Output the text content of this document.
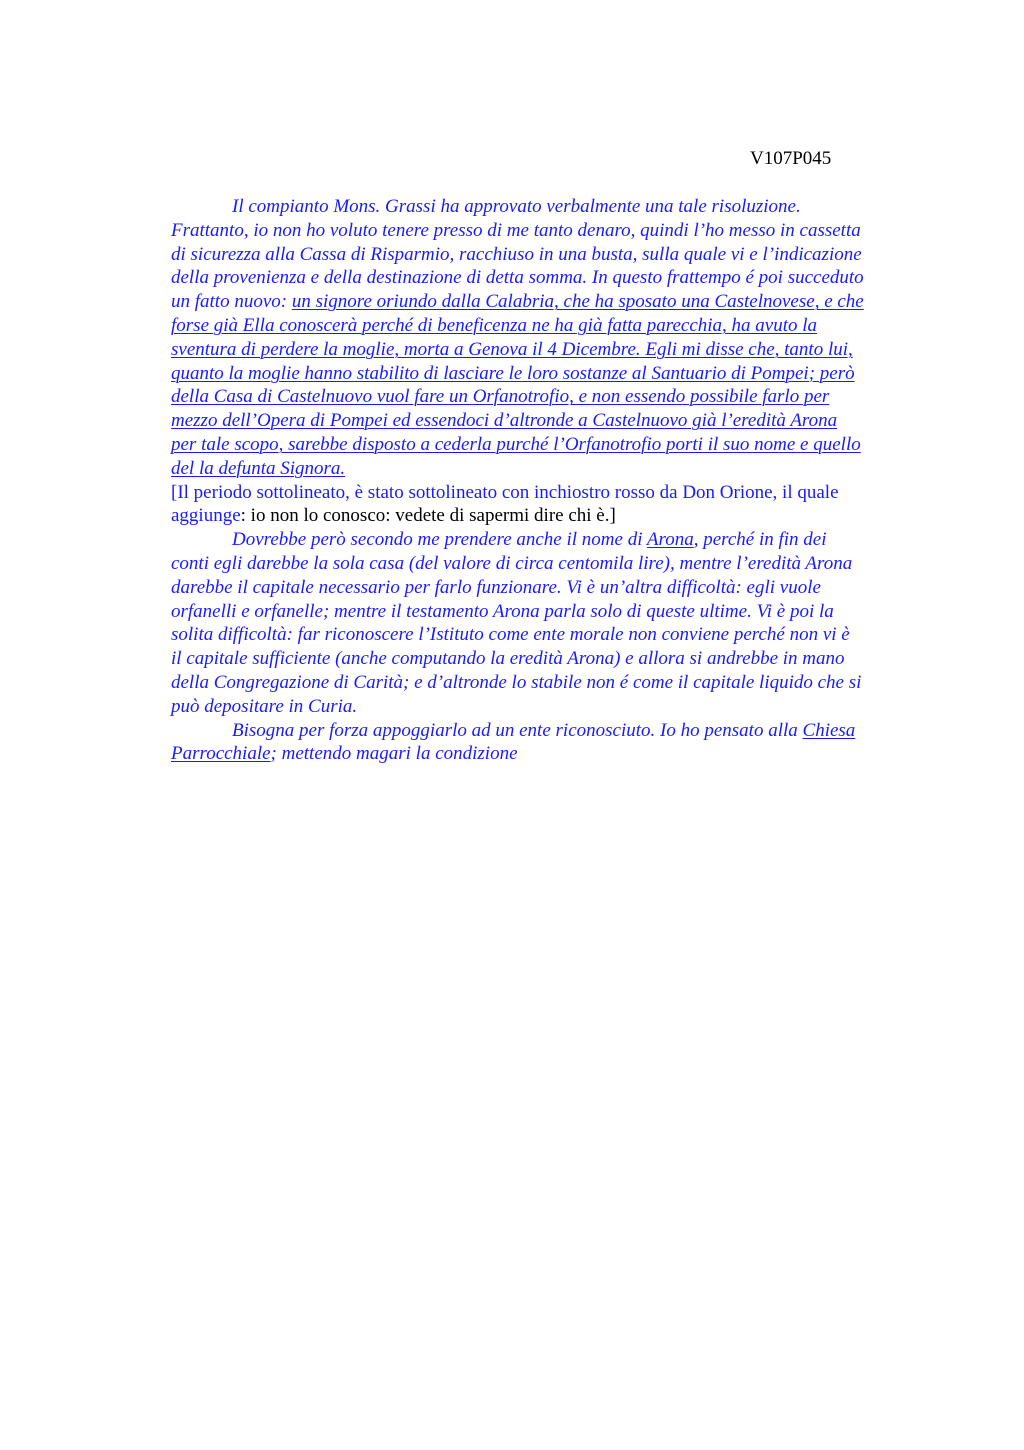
V107P045
Il compianto Mons. Grassi ha approvato verbalmente una tale risoluzione.
Frattanto, io non ho voluto tenere presso di me tanto denaro, quindi l’ho messo in cassetta
di sicurezza alla Cassa di Risparmio, racchiuso in una busta, sulla quale vi e l’indicazione
della provenienza e della destinazione di detta somma. In questo frattempo é poi succeduto
un fatto nuovo: un signore oriundo dalla Calabria, che ha sposato una Castelnovese, e che
forse già Ella conoscerà perché di beneficenza ne ha già fatta parecchia, ha avuto la
sventura di perdere la moglie, morta a Genova il 4 Dicembre. Egli mi disse che, tanto lui,
quanto la moglie hanno stabilito di lasciare le loro sostanze al Santuario di Pompei; però
della Casa di Castelnuovo vuol fare un Orfanotrofio, e non essendo possibile farlo per
mezzo dell’Opera di Pompei ed essendoci d’altronde a Castelnuovo già l’eredità Arona
per tale scopo, sarebbe disposto a cederla purché l’Orfanotrofio porti il suo nome e quello
del la defunta Signora.
[Il periodo sottolineato, è stato sottolineato con inchiostro rosso da Don Orione, il quale
aggiunge: io non lo conosco: vedete di sapermi dire chi è.]
Dovrebbe però secondo me prendere anche il nome di Arona, perché in fin dei
conti egli darebbe la sola casa (del valore di circa centomila lire), mentre l’eredità Arona
darebbe il capitale necessario per farlo funzionare. Vi è un’altra difficoltà: egli vuole
orfanelli e orfanelle; mentre il testamento Arona parla solo di queste ultime. Vi è poi la
solita difficoltà: far riconoscere l’Istituto come ente morale non conviene perché non vi è
il capitale sufficiente (anche computando la eredità Arona) e allora si andrebbe in mano
della Congregazione di Carità; e d’altronde lo stabile non é come il capitale liquido che si
può depositare in Curia.
Bisogna per forza appoggiarlo ad un ente riconosciuto. Io ho pensato alla Chiesa
Parrocchiale; mettendo magari la condizione
